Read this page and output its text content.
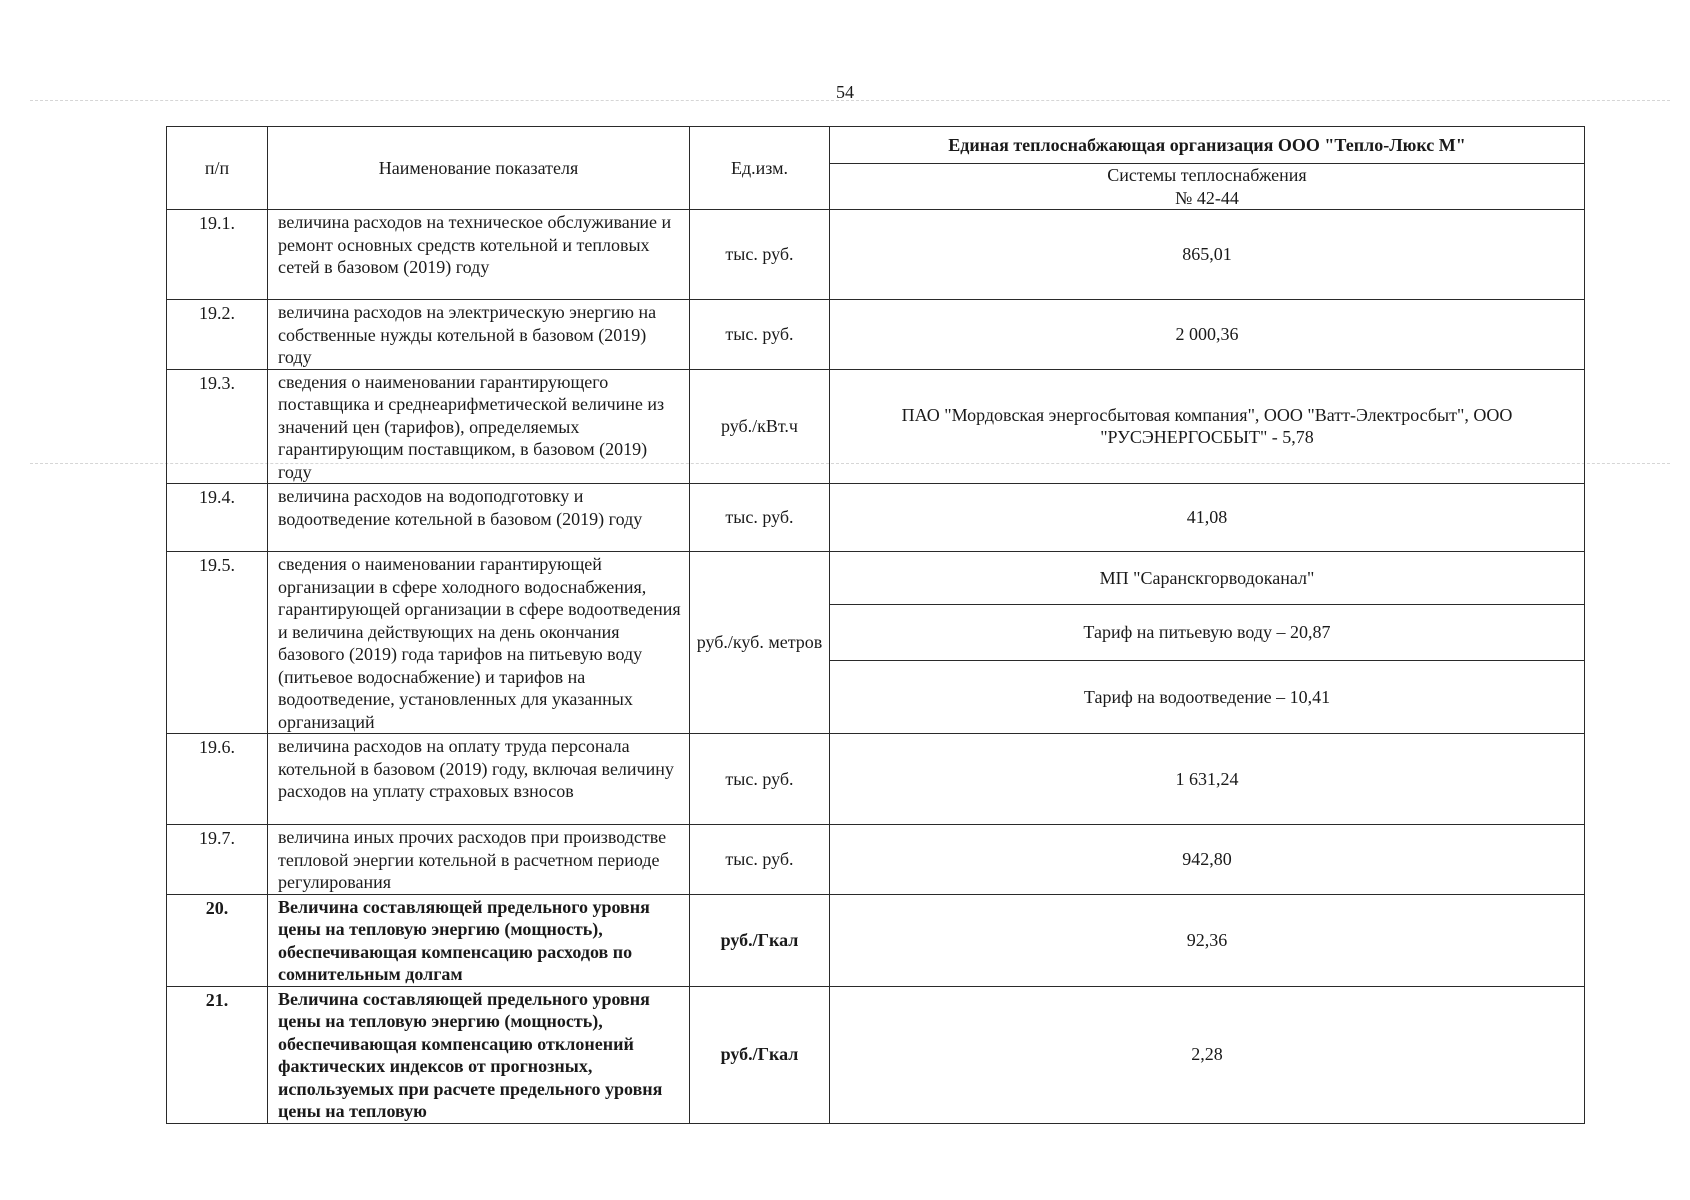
54
п/п	Наименование показателя	Ед.изм.	Единая теплоснабжающая организация ООО "Тепло-Люкс М"

Системы теплоснабжения
№ 42-44

19.1.	величина расходов на техническое обслуживание и ремонт основных средств котельной и тепловых сетей в базовом (2019) году	тыс. руб.	865,01
19.2.	величина расходов на электрическую энергию на собственные нужды котельной в базовом (2019) году	тыс. руб.	2 000,36
19.3.	сведения о наименовании гарантирующего поставщика и среднеарифметической величине из значений цен (тарифов), определяемых гарантирующим поставщиком, в базовом (2019) году	руб./кВт.ч	ПАО "Мордовская энергосбытовая компания", ООО "Ватт-Электросбыт", ООО "РУСЭНЕРГОСБЫТ" - 5,78
19.4.	величина расходов на водоподготовку и водоотведение котельной в базовом (2019) году	тыс. руб.	41,08
19.5.	сведения о наименовании гарантирующей организации в сфере холодного водоснабжения, гарантирующей организации в сфере водоотведения и величина действующих на день окончания базового (2019) года тарифов на питьевую воду (питьевое водоснабжение) и тарифов на водоотведение, установленных для указанных организаций	руб./куб. метров	
МП "Саранскгорводоканал"
Тариф на питьевую воду – 20,87
Тариф на водоотведение – 10,41

19.6.	величина расходов на оплату труда персонала котельной в базовом (2019) году, включая величину расходов на уплату страховых взносов	тыс. руб.	1 631,24
19.7.	величина иных прочих расходов при производстве тепловой энергии котельной в расчетном периоде регулирования	тыс. руб.	942,80
20.	Величина составляющей предельного уровня цены на тепловую энергию (мощность), обеспечивающая компенсацию расходов по сомнительным долгам	руб./Гкал	92,36
21.	Величина составляющей предельного уровня цены на тепловую энергию (мощность), обеспечивающая компенсацию отклонений фактических индексов от прогнозных, используемых при расчете предельного уровня цены на тепловую	руб./Гкал	2,28
